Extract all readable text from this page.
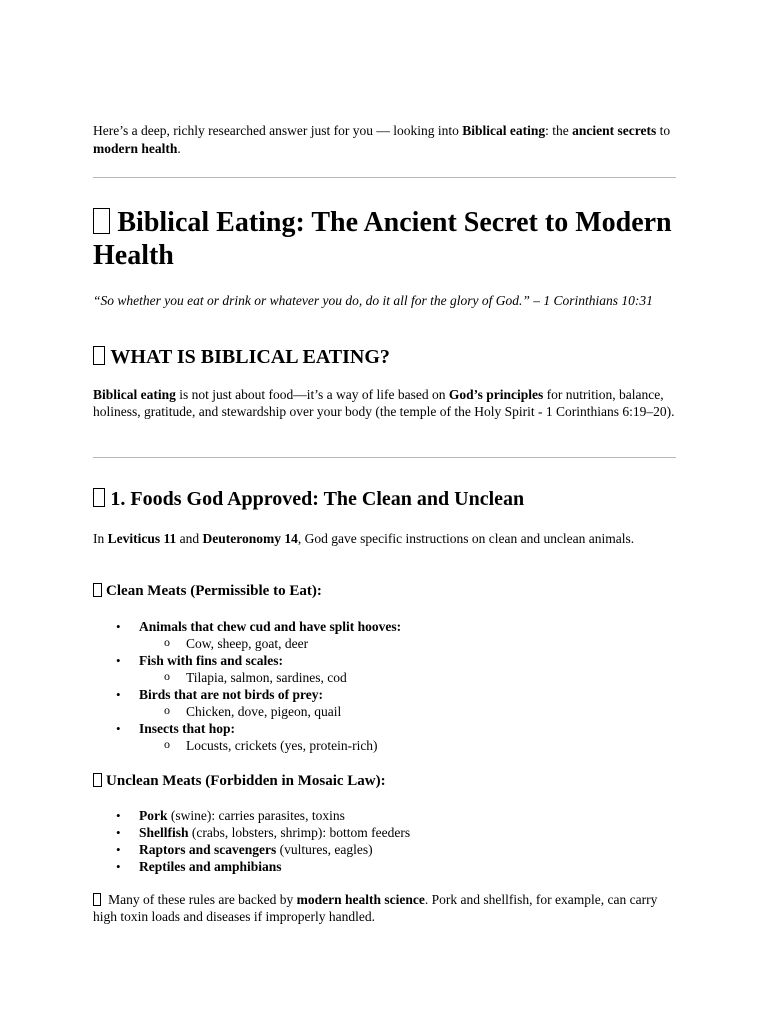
Here’s a deep, richly researched answer just for you — looking into Biblical eating: the ancient secrets to modern health.

Biblical Eating: The Ancient Secret to Modern Health

“So whether you eat or drink or whatever you do, do it all for the glory of God.” – 1 Corinthians 10:31

WHAT IS BIBLICAL EATING?

Biblical eating is not just about food—it’s a way of life based on God’s principles for nutrition, balance, holiness, gratitude, and stewardship over your body (the temple of the Holy Spirit - 1 Corinthians 6:19–20).

1. Foods God Approved: The Clean and Unclean

In Leviticus 11 and Deuteronomy 14, God gave specific instructions on clean and unclean animals.

Clean Meats (Permissible to Eat):
• Animals that chew cud and have split hooves:
o Cow, sheep, goat, deer
• Fish with fins and scales:
o Tilapia, salmon, sardines, cod
• Birds that are not birds of prey:
o Chicken, dove, pigeon, quail
• Insects that hop:
o Locusts, crickets (yes, protein-rich)
Unclean Meats (Forbidden in Mosaic Law):
• Pork (swine): carries parasites, toxins
• Shellfish (crabs, lobsters, shrimp): bottom feeders
• Raptors and scavengers (vultures, eagles)
• Reptiles and amphibians

Many of these rules are backed by modern health science. Pork and shellfish, for example, can carry high toxin loads and diseases if improperly handled.
